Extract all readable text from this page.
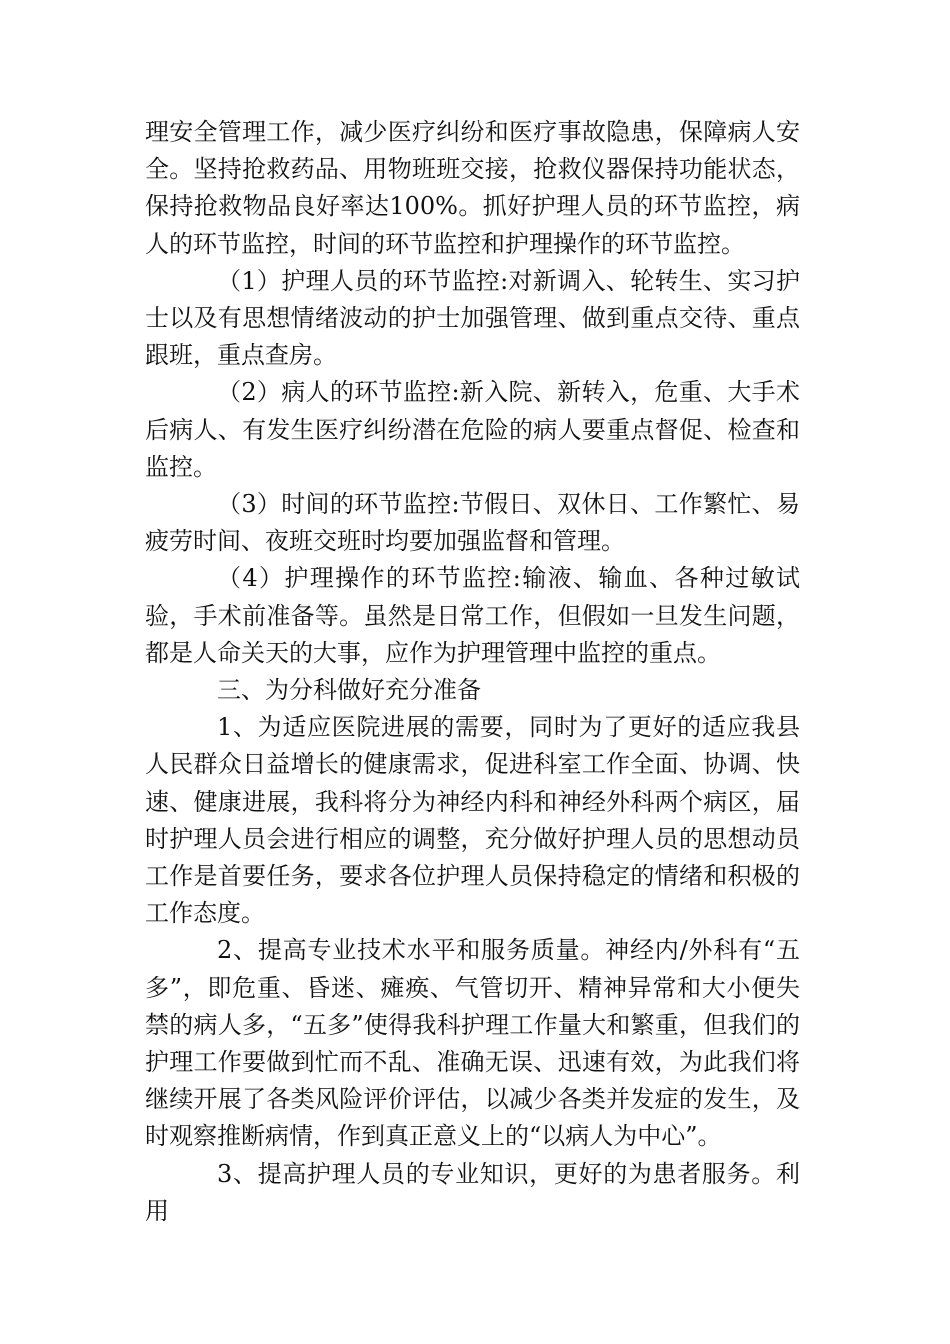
理安全管理工作，减少医疗纠纷和医疗事故隐患，保障病人安全。坚持抢救药品、用物班班交接，抢救仪器保持功能状态，保持抢救物品良好率达100%。抓好护理人员的环节监控，病人的环节监控，时间的环节监控和护理操作的环节监控。

（1）护理人员的环节监控:对新调入、轮转生、实习护士以及有思想情绪波动的护士加强管理、做到重点交待、重点跟班，重点查房。

（2）病人的环节监控:新入院、新转入，危重、大手术后病人、有发生医疗纠纷潜在危险的病人要重点督促、检查和监控。

（3）时间的环节监控:节假日、双休日、工作繁忙、易疲劳时间、夜班交班时均要加强监督和管理。

（4）护理操作的环节监控:输液、输血、各种过敏试验，手术前准备等。虽然是日常工作，但假如一旦发生问题，都是人命关天的大事，应作为护理管理中监控的重点。

三、为分科做好充分准备

1、为适应医院进展的需要，同时为了更好的适应我县人民群众日益增长的健康需求，促进科室工作全面、协调、快速、健康进展，我科将分为神经内科和神经外科两个病区，届时护理人员会进行相应的调整，充分做好护理人员的思想动员工作是首要任务，要求各位护理人员保持稳定的情绪和积极的工作态度。

2、提高专业技术水平和服务质量。神经内/外科有“五多”，即危重、昏迷、瘫痪、气管切开、精神异常和大小便失禁的病人多，“五多”使得我科护理工作量大和繁重，但我们的护理工作要做到忙而不乱、准确无误、迅速有效，为此我们将继续开展了各类风险评价评估，以减少各类并发症的发生，及时观察推断病情，作到真正意义上的“以病人为中心”。

3、提高护理人员的专业知识，更好的为患者服务。利用
